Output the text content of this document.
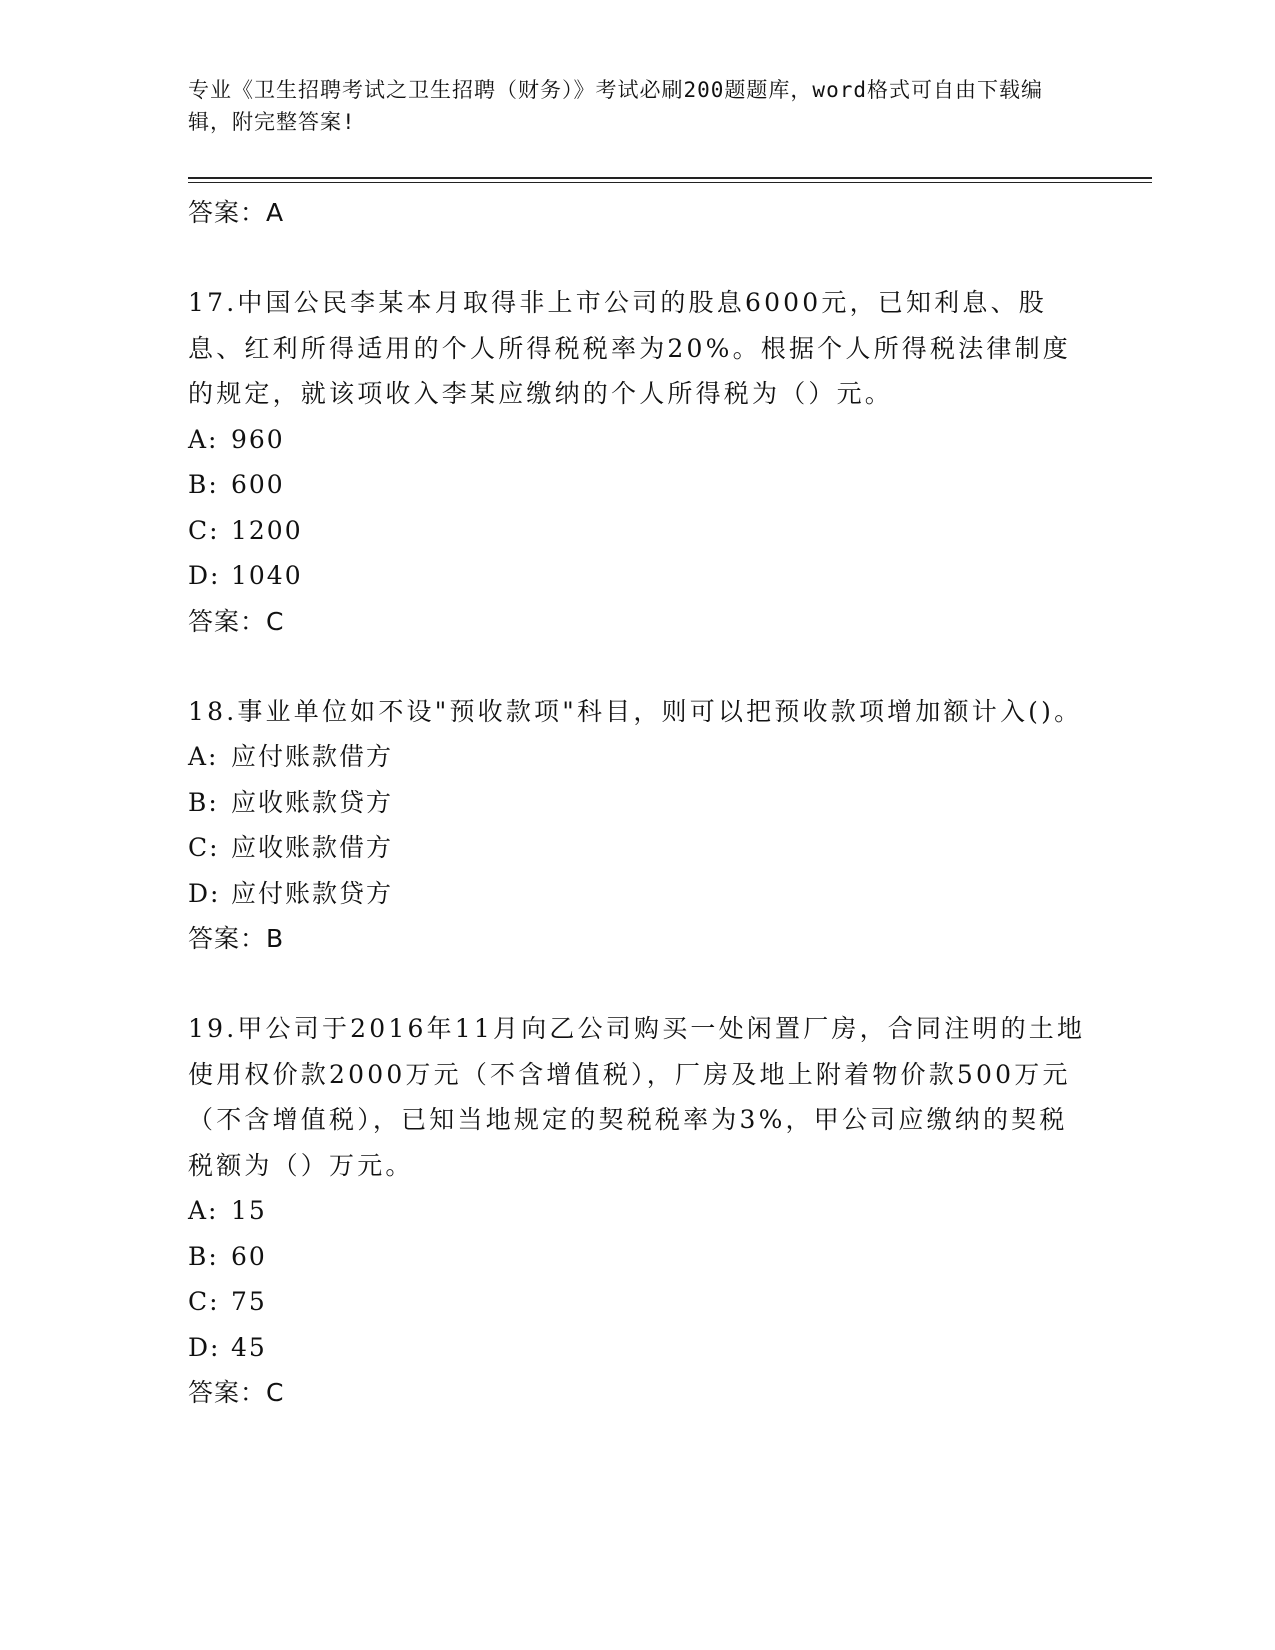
专业《卫生招聘考试之卫生招聘（财务）》考试必刷200题题库，word格式可自由下载编辑，附完整答案!

答案：A

17.中国公民李某本月取得非上市公司的股息6000元，已知利息、股息、红利所得适用的个人所得税税率为20%。根据个人所得税法律制度的规定，就该项收入李某应缴纳的个人所得税为（）元。

A: 960

B: 600

C: 1200

D: 1040

答案：C

18.事业单位如不设"预收款项"科目，则可以把预收款项增加额计入()。

A: 应付账款借方

B: 应收账款贷方

C: 应收账款借方

D: 应付账款贷方

答案：B

19.甲公司于2016年11月向乙公司购买一处闲置厂房，合同注明的土地使用权价款2000万元（不含增值税），厂房及地上附着物价款500万元（不含增值税），已知当地规定的契税税率为3%，甲公司应缴纳的契税税额为（）万元。

A: 15

B: 60

C: 75

D: 45

答案：C
